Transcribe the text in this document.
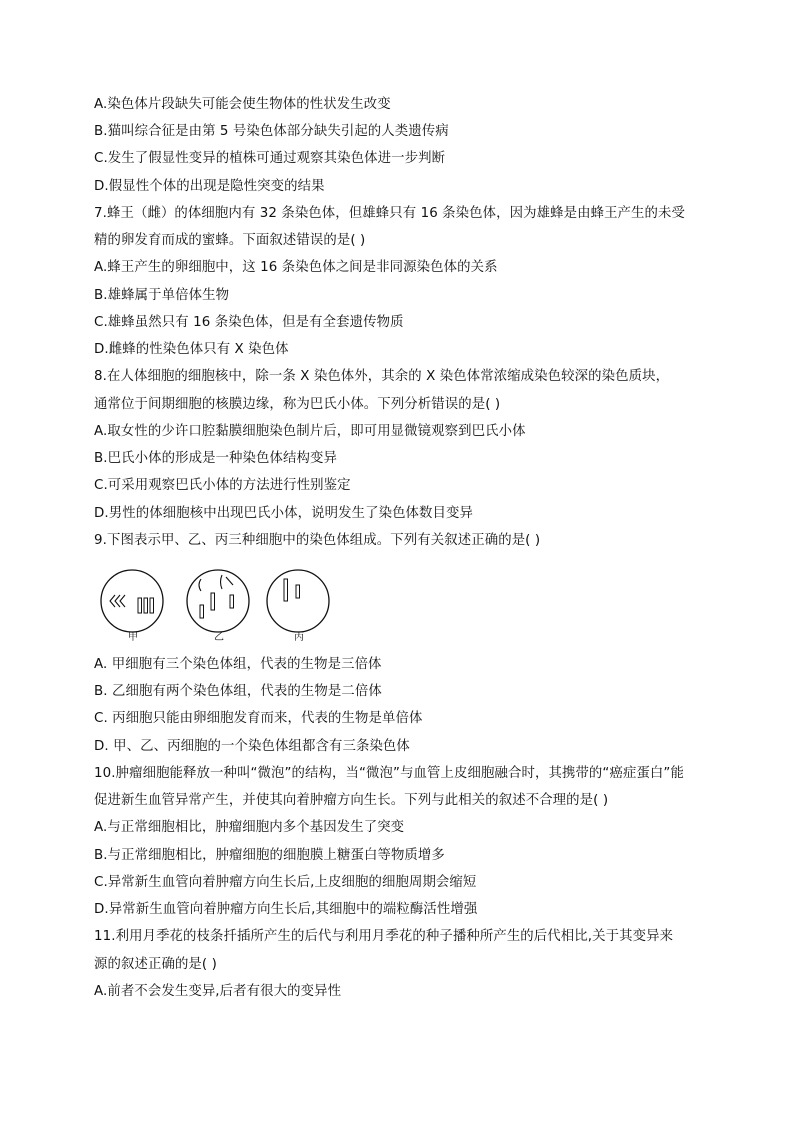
A.染色体片段缺失可能会使生物体的性状发生改变
B.猫叫综合征是由第 5 号染色体部分缺失引起的人类遗传病
C.发生了假显性变异的植株可通过观察其染色体进一步判断
D.假显性个体的出现是隐性突变的结果
7.蜂王（雌）的体细胞内有 32 条染色体，但雄蜂只有 16 条染色体，因为雄蜂是由蜂王产生的未受
精的卵发育而成的蜜蜂。下面叙述错误的是( )
A.蜂王产生的卵细胞中，这 16 条染色体之间是非同源染色体的关系
B.雄蜂属于单倍体生物
C.雄蜂虽然只有 16 条染色体，但是有全套遗传物质
D.雌蜂的性染色体只有 X 染色体
8.在人体细胞的细胞核中，除一条 X 染色体外，其余的 X 染色体常浓缩成染色较深的染色质块，
通常位于间期细胞的核膜边缘，称为巴氏小体。下列分析错误的是( )
A.取女性的少许口腔黏膜细胞染色制片后，即可用显微镜观察到巴氏小体
B.巴氏小体的形成是一种染色体结构变异
C.可采用观察巴氏小体的方法进行性别鉴定
D.男性的体细胞核中出现巴氏小体，说明发生了染色体数目变异
9.下图表示甲、乙、丙三种细胞中的染色体组成。下列有关叙述正确的是( )
甲	乙	丙
A. 甲细胞有三个染色体组，代表的生物是三倍体
B. 乙细胞有两个染色体组，代表的生物是二倍体
C. 丙细胞只能由卵细胞发育而来，代表的生物是单倍体
D. 甲、乙、丙细胞的一个染色体组都含有三条染色体
10.肿瘤细胞能释放一种叫“微泡”的结构，当“微泡”与血管上皮细胞融合时，其携带的“癌症蛋白”能
促进新生血管异常产生，并使其向着肿瘤方向生长。下列与此相关的叙述不合理的是( )
A.与正常细胞相比，肿瘤细胞内多个基因发生了突变
B.与正常细胞相比，肿瘤细胞的细胞膜上糖蛋白等物质增多
C.异常新生血管向着肿瘤方向生长后,上皮细胞的细胞周期会缩短
D.异常新生血管向着肿瘤方向生长后,其细胞中的端粒酶活性增强
11.利用月季花的枝条扦插所产生的后代与利用月季花的种子播种所产生的后代相比,关于其变异来
源的叙述正确的是( )
A.前者不会发生变异,后者有很大的变异性
